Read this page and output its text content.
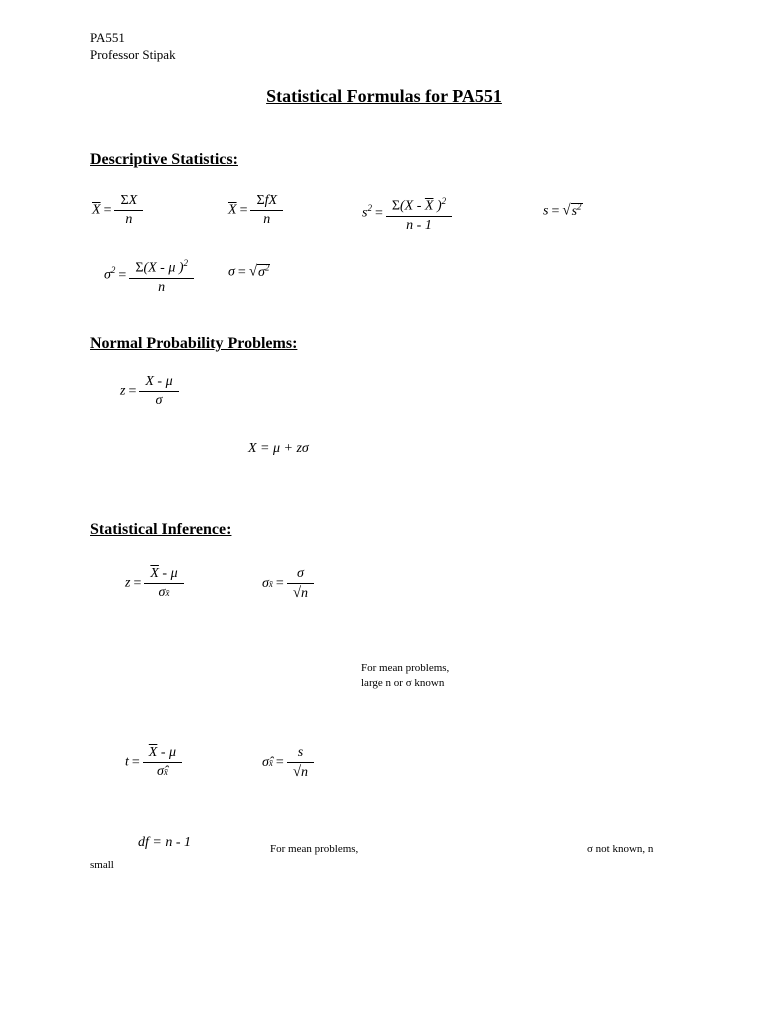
PA551
Professor Stipak
Statistical Formulas for PA551
Descriptive Statistics:
$\overline{X} = \frac{\Sigma X}{n}$	$\overline{X} = \frac{\text{ΣfX}}{n}$	$s^2 = \frac{\Sigma(X - \overline{X} )^2}{n - 1}$	$s = √s^2$
$\sigma^2 = \frac{\Sigma(X - \mu )^2}{n}$	$\sigma = √\sigma^2$
Normal Probability Problems:
$z = \frac{X - \mu}{\sigma}$
X = μ + zσ
Statistical Inference:
$z = \frac{\overline{X} - \mu}{\sigma x̄}$	σx̄ = $\frac{\sigma}{√n}$
For mean problems,
large n or σ known
$t = \frac{\overline{X} - \mu}{\sigmâx̄}$	σ̂x̄ = $\frac{s}{√n}$
df = n - 1	For mean problems,	σ not known, n
small
